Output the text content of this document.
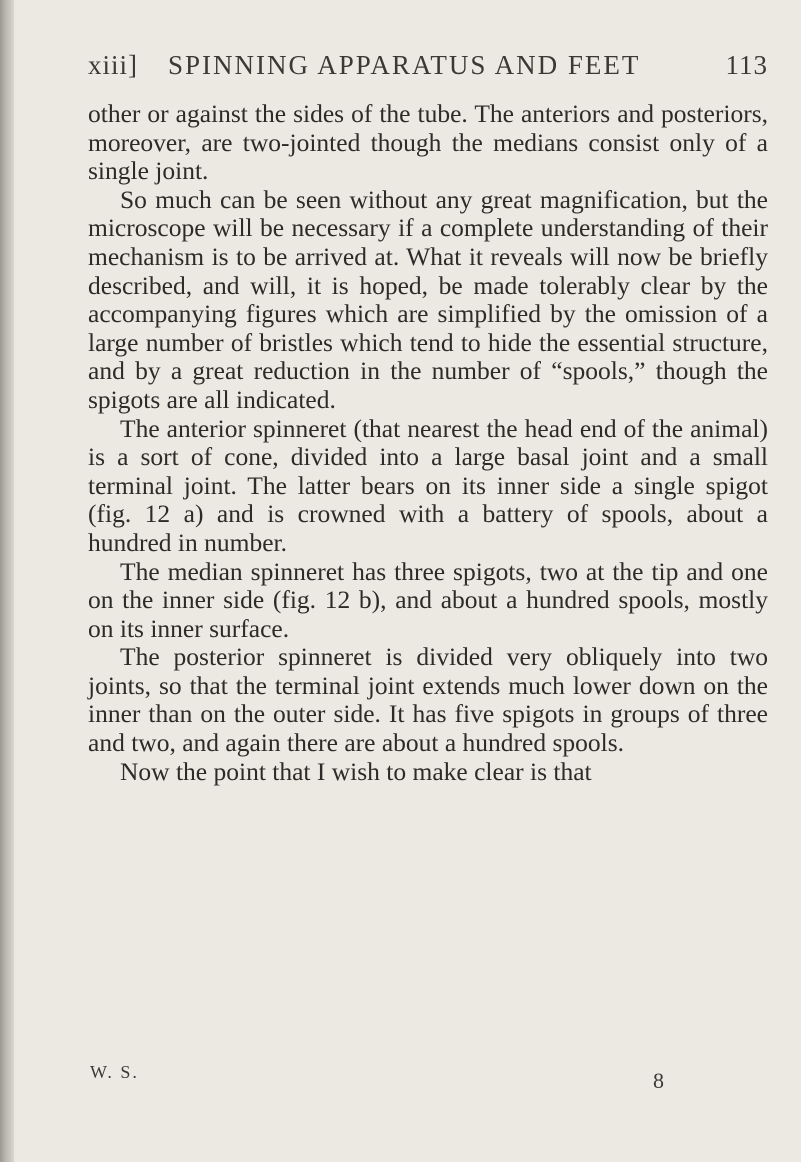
xiii] SPINNING APPARATUS AND FEET	113

other or against the sides of the tube. The anteriors and posteriors, moreover, are two-jointed though the medians consist only of a single joint.

So much can be seen without any great magnification, but the microscope will be necessary if a complete understanding of their mechanism is to be arrived at. What it reveals will now be briefly described, and will, it is hoped, be made tolerably clear by the accompanying figures which are simplified by the omission of a large number of bristles which tend to hide the essential structure, and by a great reduction in the number of “spools,” though the spigots are all indicated.

The anterior spinneret (that nearest the head end of the animal) is a sort of cone, divided into a large basal joint and a small terminal joint. The latter bears on its inner side a single spigot (fig. 12 a) and is crowned with a battery of spools, about a hundred in number.

The median spinneret has three spigots, two at the tip and one on the inner side (fig. 12 b), and about a hundred spools, mostly on its inner surface.

The posterior spinneret is divided very obliquely into two joints, so that the terminal joint extends much lower down on the inner than on the outer side. It has five spigots in groups of three and two, and again there are about a hundred spools.

Now the point that I wish to make clear is that

W. S.	8
